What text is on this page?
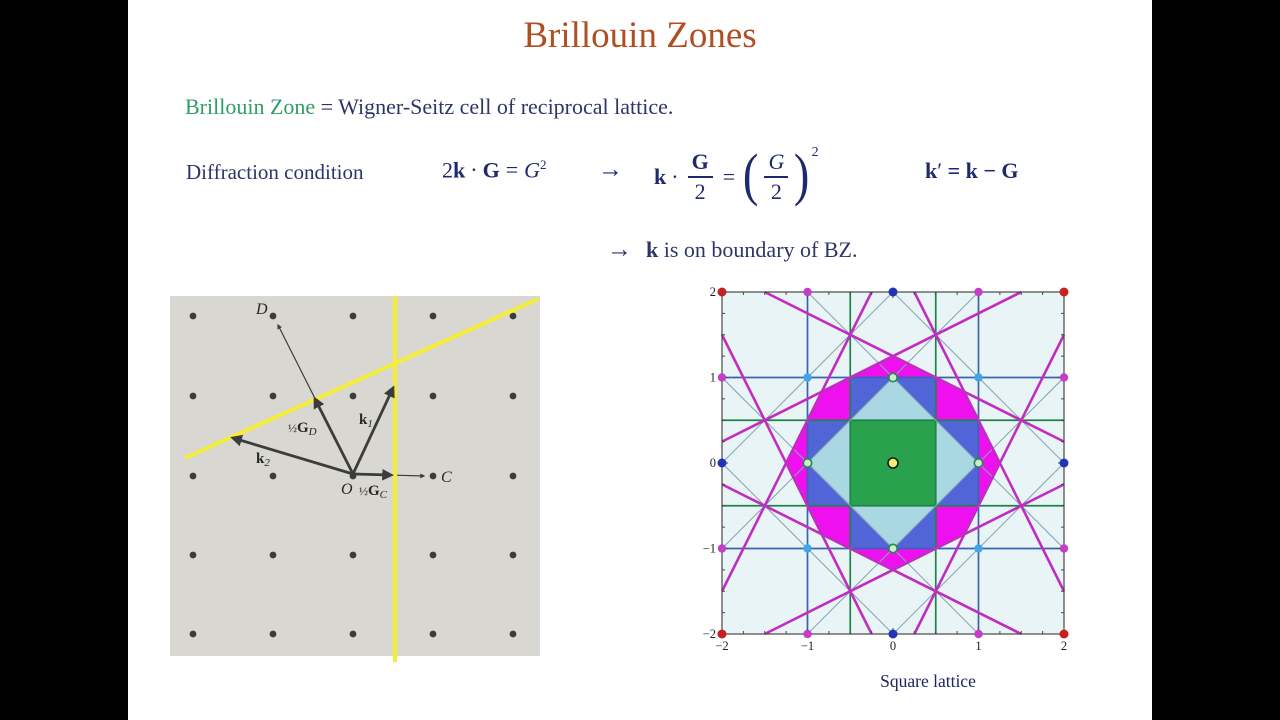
Brillouin Zones
Brillouin Zone = Wigner-Seitz cell of reciprocal lattice.
Diffraction condition	$2k \cdot G = G^2 \to k \cdot \frac{G}{2}$ = ( $\frac{G}{2} )^2$
k′ = k − G
→ k is on boundary of BZ.
D
C
O
$k_1$
$k_2$
$\frac{1}{2}G_D$
$\frac{1}{2}G_C$
−2	−1	0	1	2
−2
−1
0
1
2
Square lattice
